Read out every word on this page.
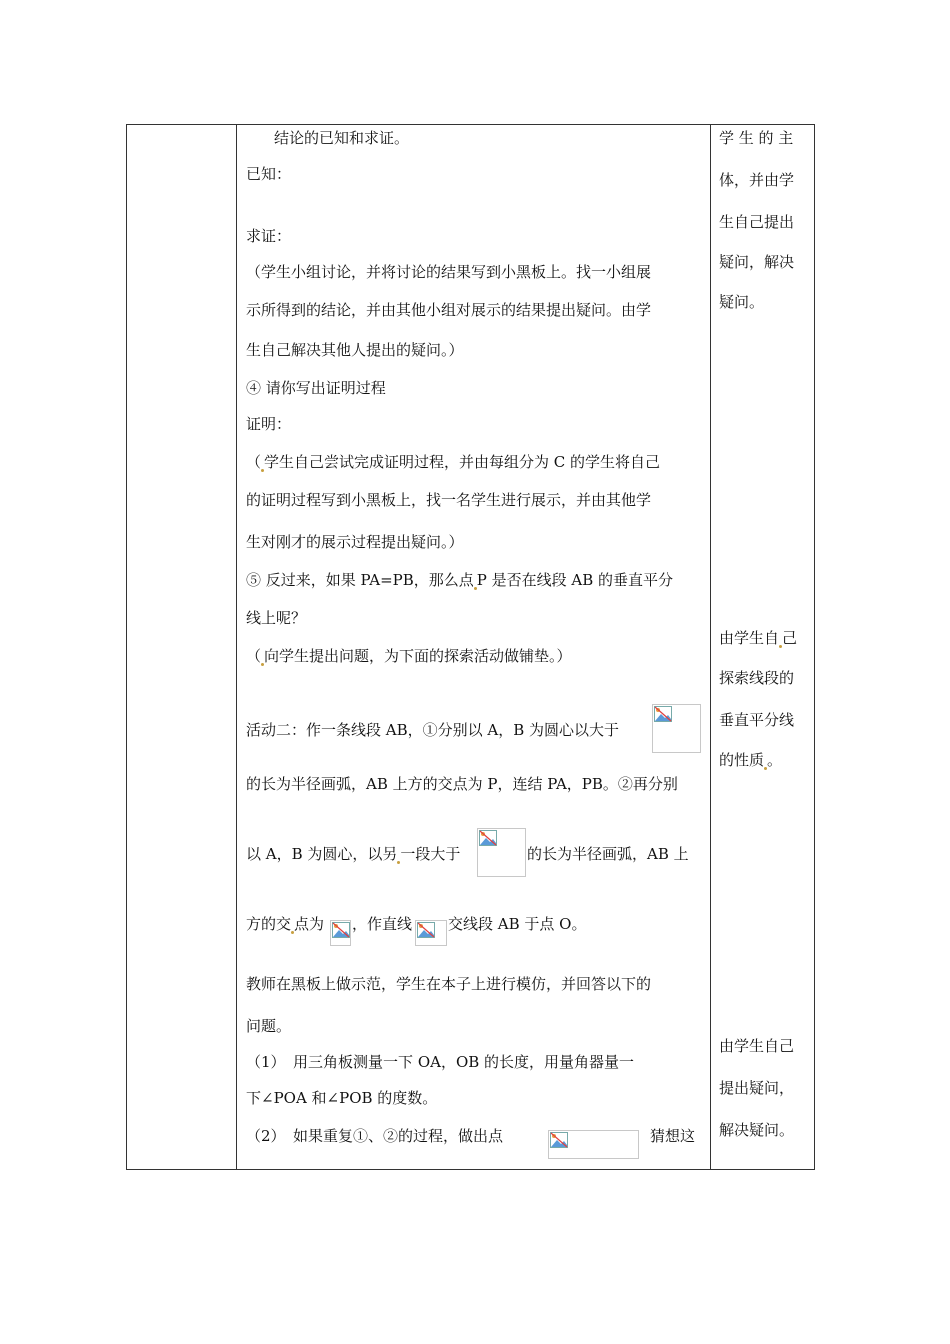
结论的已知和求证。
已知：
求证：
（学生小组讨论，并将讨论的结果写到小黑板上。找一小组展
示所得到的结论，并由其他小组对展示的结果提出疑问。由学
生自己解决其他人提出的疑问。）
④ 请你写出证明过程
证明：
（ 学生自己尝试完成证明过程，并由每组分为 C 的学生将自己
的证明过程写到小黑板上，找一名学生进行展示，并由其他学
生对刚才的展示过程提出疑问。）
⑤ 反过来，如果 PA=PB，那么点 P 是否在线段 AB 的垂直平分
线上呢？
（ 向学生提出问题，为下面的探索活动做铺垫。）
活动二：作一条线段 AB，①分别以 A，B 为圆心以大于
的长为半径画弧，AB 上方的交点为 P，连结 PA，PB。②再分别
以 A，B 为圆心，以另 一段大于	的长为半径画弧，AB 上
方的交 点为 ，作直线 交线段 AB 于点 O。
教师在黑板上做示范，学生在本子上进行模仿，并回答以下的
问题。
（1）　用三角板测量一下 OA，OB 的长度，用量角器量一
下∠POA 和∠POB 的度数。
（2）　如果重复①、②的过程，做出点	猜想这
学 生 的 主
体，并由学
生自己提出
疑问，解决
疑问。
由学生自 己
探索线段的
垂直平分线
的性质 。
由学生自己
提出疑问，
解决疑问。
